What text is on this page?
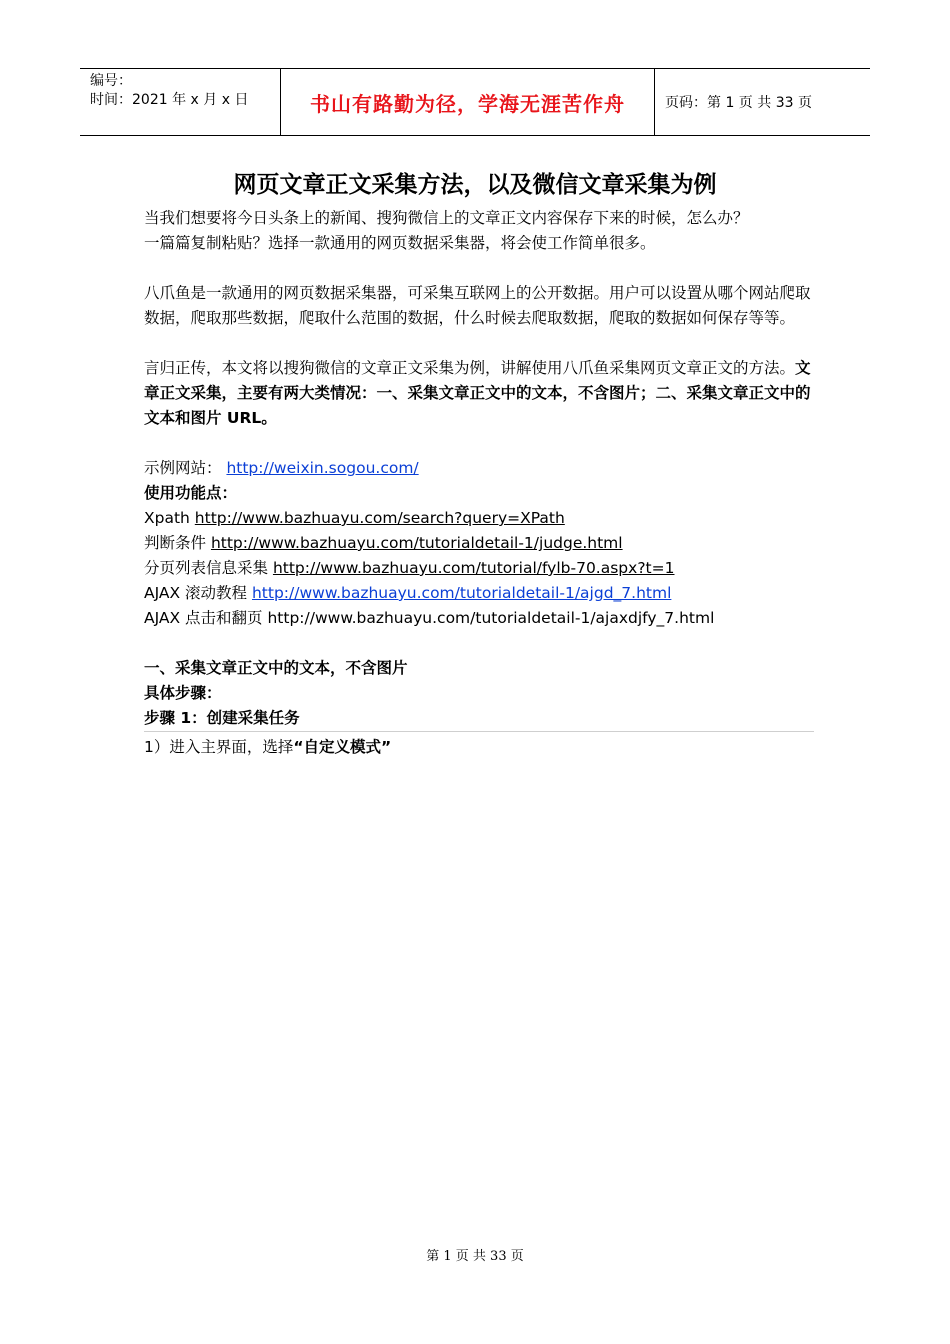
编号：
时间：2021 年 x 月 x 日	书山有路勤为径，学海无涯苦作舟	页码：第 1 页 共 33 页
网页文章正文采集方法，以及微信文章采集为例

当我们想要将今日头条上的新闻、搜狗微信上的文章正文内容保存下来的时候，怎么办？

一篇篇复制粘贴？选择一款通用的网页数据采集器，将会使工作简单很多。

八爪鱼是一款通用的网页数据采集器，可采集互联网上的公开数据。用户可以设置从哪个网站爬取数据，爬取那些数据，爬取什么范围的数据，什么时候去爬取数据，爬取的数据如何保存等等。

言归正传，本文将以搜狗微信的文章正文采集为例，讲解使用八爪鱼采集网页文章正文的方法。文章正文采集，主要有两大类情况：一、采集文章正文中的文本，不含图片；二、采集文章正文中的文本和图片 URL。

示例网站： http://weixin.sogou.com/

使用功能点：

Xpath http://www.bazhuayu.com/search?query=XPath

判断条件 http://www.bazhuayu.com/tutorialdetail-1/judge.html

分页列表信息采集 http://www.bazhuayu.com/tutorial/fylb-70.aspx?t=1

AJAX 滚动教程 http://www.bazhuayu.com/tutorialdetail-1/ajgd_7.html

AJAX 点击和翻页 http://www.bazhuayu.com/tutorialdetail-1/ajaxdjfy_7.html

一、采集文章正文中的文本，不含图片

具体步骤：

步骤 1：创建采集任务

1）进入主界面，选择“自定义模式”

第 1 页 共 33 页
